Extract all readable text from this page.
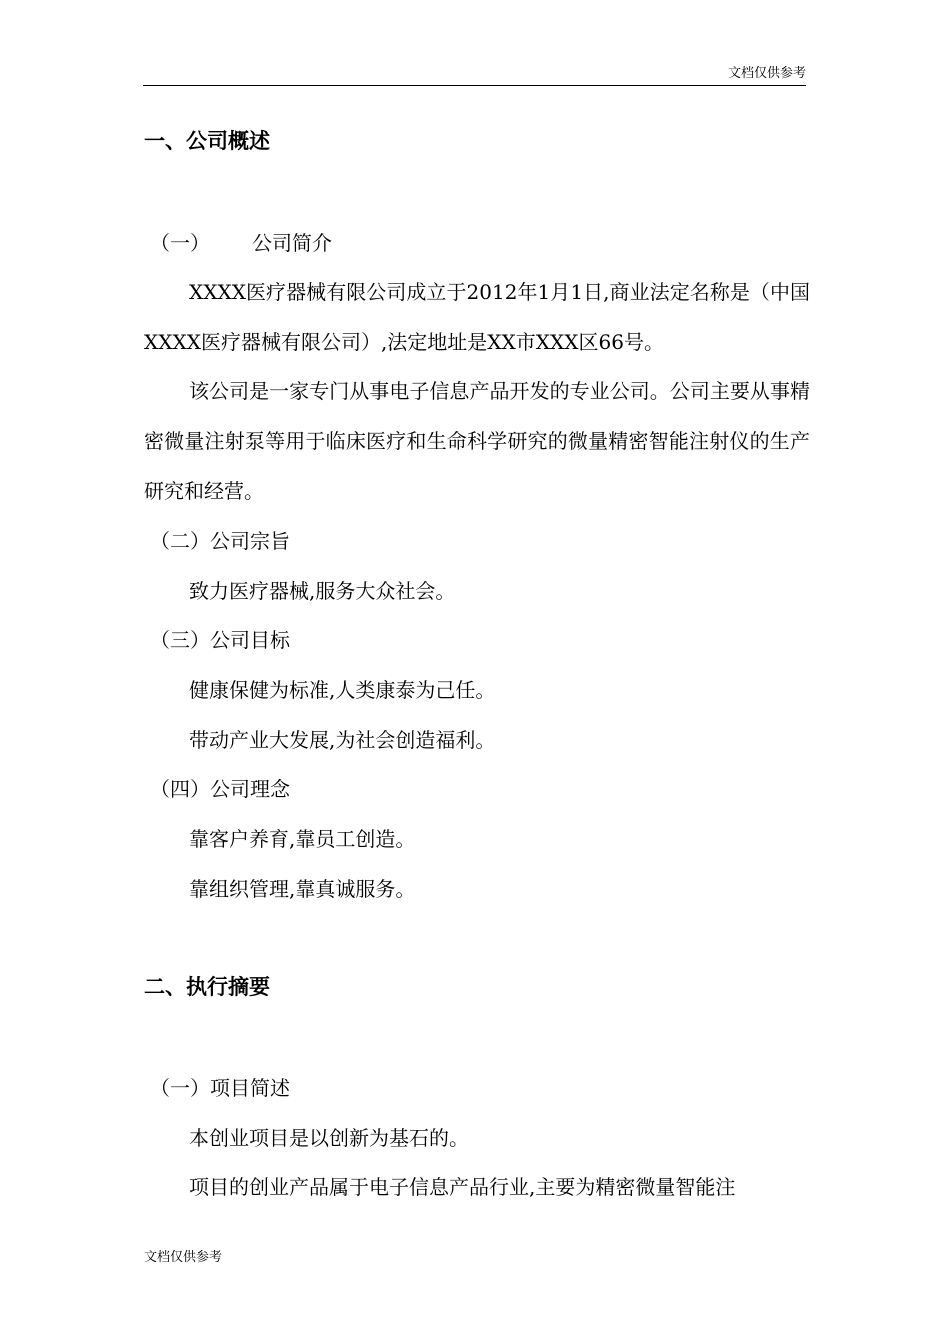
文档仅供参考
一、公司概述
（一） 公司简介
XXXX医疗器械有限公司成立于2012年1月1日,商业法定名称是（中国XXXX医疗器械有限公司）,法定地址是XX市XXX区66号。
该公司是一家专门从事电子信息产品开发的专业公司。公司主要从事精密微量注射泵等用于临床医疗和生命科学研究的微量精密智能注射仪的生产研究和经营。
（二）公司宗旨
致力医疗器械,服务大众社会。
（三）公司目标
健康保健为标准,人类康泰为己任。
带动产业大发展,为社会创造福利。
（四）公司理念
靠客户养育,靠员工创造。
靠组织管理,靠真诚服务。
二、执行摘要
（一）项目简述
本创业项目是以创新为基石的。
项目的创业产品属于电子信息产品行业,主要为精密微量智能注
文档仅供参考
